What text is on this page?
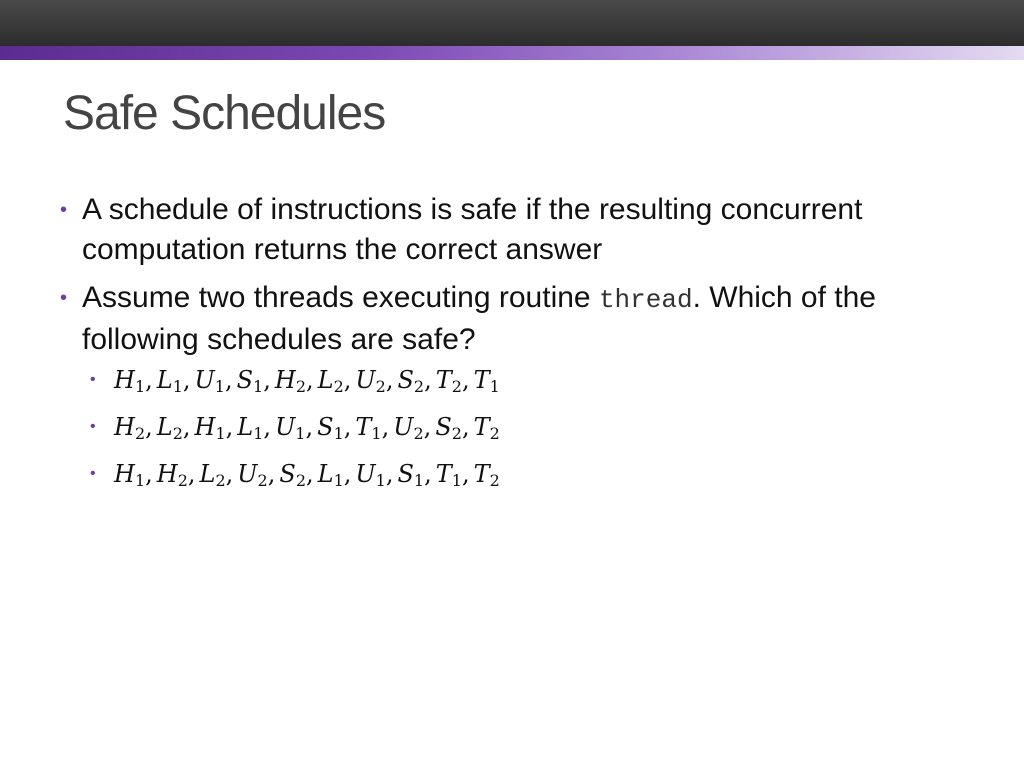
Safe Schedules
• A schedule of instructions is safe if the resulting concurrent computation returns the correct answer
• Assume two threads executing routine thread. Which of the following schedules are safe?
• $H_1$, $L_1$, $U_1$, $S_1$, $H_2$, $L_2$, $U_2$, $S_2$, $T_2$, $T_1$
• $H_2$, $L_2$, $H_1$, $L_1$, $U_1$, $S_1$, $T_1$, $U_2$, $S_2$, $T_2$
• $H_1$, $H_2$, $L_2$, $U_2$, $S_2$, $L_1$, $U_1$, $S_1$, $T_1$, $T_2$
